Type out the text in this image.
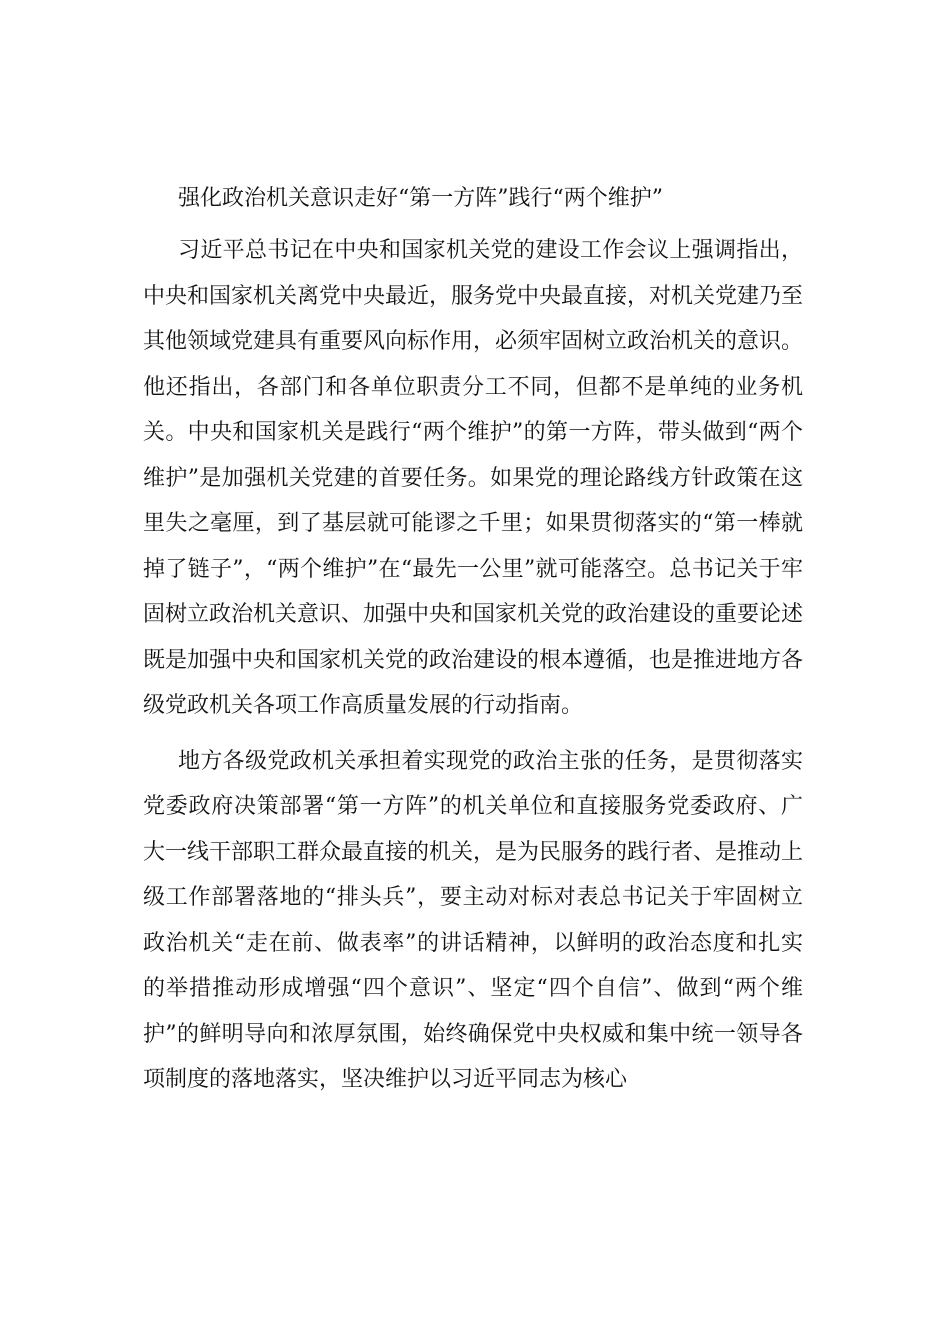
强化政治机关意识走好“第一方阵”践行“两个维护”

习近平总书记在中央和国家机关党的建设工作会议上强调指出，中央和国家机关离党中央最近，服务党中央最直接，对机关党建乃至其他领域党建具有重要风向标作用，必须牢固树立政治机关的意识。他还指出，各部门和各单位职责分工不同，但都不是单纯的业务机关。中央和国家机关是践行“两个维护”的第一方阵，带头做到“两个维护”是加强机关党建的首要任务。如果党的理论路线方针政策在这里失之毫厘，到了基层就可能谬之千里；如果贯彻落实的“第一棒就掉了链子”，“两个维护”在“最先一公里”就可能落空。总书记关于牢固树立政治机关意识、加强中央和国家机关党的政治建设的重要论述既是加强中央和国家机关党的政治建设的根本遵循，也是推进地方各级党政机关各项工作高质量发展的行动指南。

地方各级党政机关承担着实现党的政治主张的任务，是贯彻落实党委政府决策部署“第一方阵”的机关单位和直接服务党委政府、广大一线干部职工群众最直接的机关，是为民服务的践行者、是推动上级工作部署落地的“排头兵”，要主动对标对表总书记关于牢固树立政治机关“走在前、做表率”的讲话精神，以鲜明的政治态度和扎实的举措推动形成增强“四个意识”、坚定“四个自信”、做到“两个维护”的鲜明导向和浓厚氛围，始终确保党中央权威和集中统一领导各项制度的落地落实，坚决维护以习近平同志为核心
